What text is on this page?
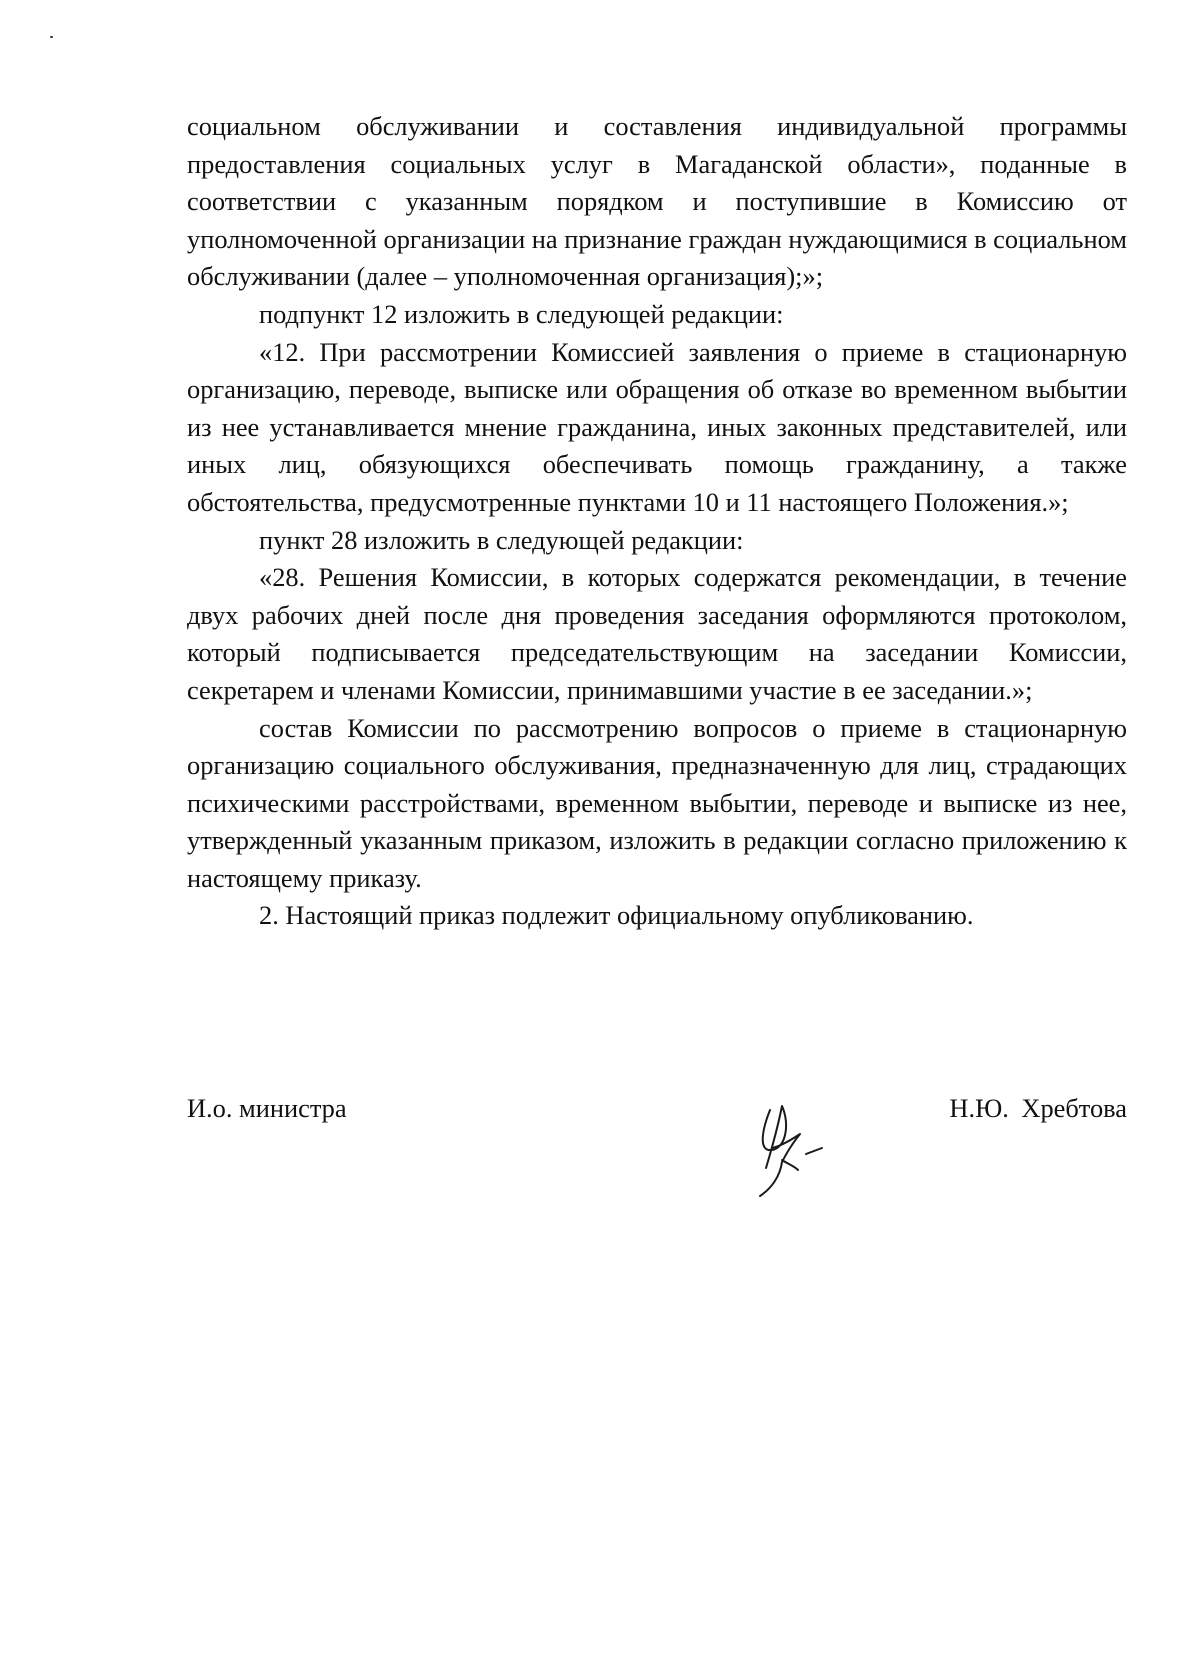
социальном обслуживании и составления индивидуальной программы предоставления социальных услуг в Магаданской области», поданные в соответствии с указанным порядком и поступившие в Комиссию от уполномоченной организации на признание граждан нуждающимися в социальном обслуживании (далее – уполномоченная организация);»;

подпункт 12 изложить в следующей редакции:

«12. При рассмотрении Комиссией заявления о приеме в стационарную организацию, переводе, выписке или обращения об отказе во временном выбытии из нее устанавливается мнение гражданина, иных законных представителей, или иных лиц, обязующихся обеспечивать помощь гражданину, а также обстоятельства, предусмотренные пунктами 10 и 11 настоящего Положения.»;

пункт 28 изложить в следующей редакции:

«28. Решения Комиссии, в которых содержатся рекомендации, в течение двух рабочих дней после дня проведения заседания оформляются протоколом, который подписывается председательствующим на заседании Комиссии, секретарем и членами Комиссии, принимавшими участие в ее заседании.»;

состав Комиссии по рассмотрению вопросов о приеме в стационарную организацию социального обслуживания, предназначенную для лиц, страдающих психическими расстройствами, временном выбытии, переводе и выписке из нее, утвержденный указанным приказом, изложить в редакции согласно приложению к настоящему приказу.

2. Настоящий приказ подлежит официальному опубликованию.

И.о. министра	Н.Ю. Хребтова
